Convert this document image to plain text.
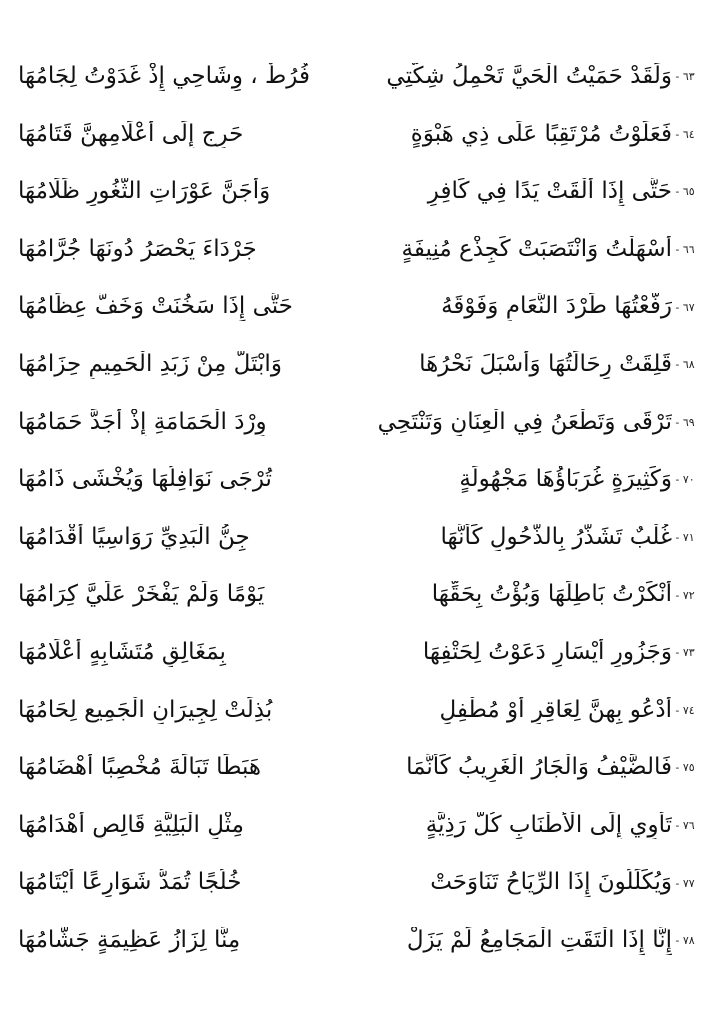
٦٣ -
وَلَقَدْ حَمَيْتُ الْحَيَّ تَحْمِلُ شِكَّتِي
فُرُطٌ ، وِشَاحِي إِذْ غَدَوْتُ لِجَامُهَا
٦٤ -
فَعَلَوْتُ مُرْتَقِبًا عَلَى ذِي هَبْوَةٍ
حَرِجٍ إِلَى أَعْلَامِهِنَّ قَتَامُهَا
٦٥ -
حَتَّى إِذَا أَلْقَتْ يَدًا فِي كَافِرٍ
وَأَجَنَّ عَوْرَاتِ الثُّغُورِ ظَلَامُهَا
٦٦ -
أَسْهَلْتُ وَانْتَصَبَتْ كَجِذْعِ مُنِيفَةٍ
جَرْدَاءَ يَحْصَرُ دُونَهَا جُرَّامُهَا
٦٧ -
رَفَّعْتُهَا طَرْدَ النَّعَامِ وَفَوْقَهُ
حَتَّى إِذَا سَخُنَتْ وَخَفَّ عِظَامُهَا
٦٨ -
قَلِقَتْ رِحَالَتُهَا وَأَسْبَلَ نَحْرُهَا
وَابْتَلَّ مِنْ زَبَدِ الْحَمِيمِ حِزَامُهَا
٦٩ -
تَرْقَى وَتَطْعَنُ فِي الْعِنَانِ وَتَنْتَحِي
وِرْدَ الْحَمَامَةِ إِذْ أَجَدَّ حَمَامُهَا
٧٠ -
وَكَثِيرَةٍ غُرَبَاؤُهَا مَجْهُولَةٍ
تُرْجَى نَوَافِلُهَا وَيُخْشَى ذَامُهَا
٧١ -
غُلْبٌ تَشَذَّرُ بِالذُّحُولِ كَأَنَّهَا
جِنُّ الْبَدِيِّ رَوَاسِيًا أَقْدَامُهَا
٧٢ -
أَنْكَرْتُ بَاطِلَهَا وَبُؤْتُ بِحَقِّهَا
يَوْمًا وَلَمْ يَفْخَرْ عَلَيَّ كِرَامُهَا
٧٣ -
وَجَزُورِ أَيْسَارٍ دَعَوْتُ لِحَتْفِهَا
بِمَغَالِقٍ مُتَشَابِهٍ أَعْلَامُهَا
٧٤ -
أَدْعُو بِهِنَّ لِعَاقِرٍ أَوْ مُطْفِلٍ
بُذِلَتْ لِجِيرَانِ الْجَمِيعِ لِحَامُهَا
٧٥ -
فَالضَّيْفُ وَالْجَارُ الْغَرِيبُ كَأَنَّمَا
هَبَطَا تَبَالَةَ مُخْصِبًا أَهْضَامُهَا
٧٦ -
تَأْوِي إِلَى الْأَطْنَابِ كُلُّ رَذِيَّةٍ
مِثْلِ الْبَلِيَّةِ قَالِصٍ أَهْدَامُهَا
٧٧ -
وَيُكَلِّلُونَ إِذَا الرِّيَاحُ تَنَاوَحَتْ
خُلُجًا تُمَدُّ شَوَارِعًا أَيْتَامُهَا
٧٨ -
إِنَّا إِذَا الْتَقَتِ الْمَجَامِعُ لَمْ يَزَلْ
مِنَّا لِزَازُ عَظِيمَةٍ جَشَّامُهَا
